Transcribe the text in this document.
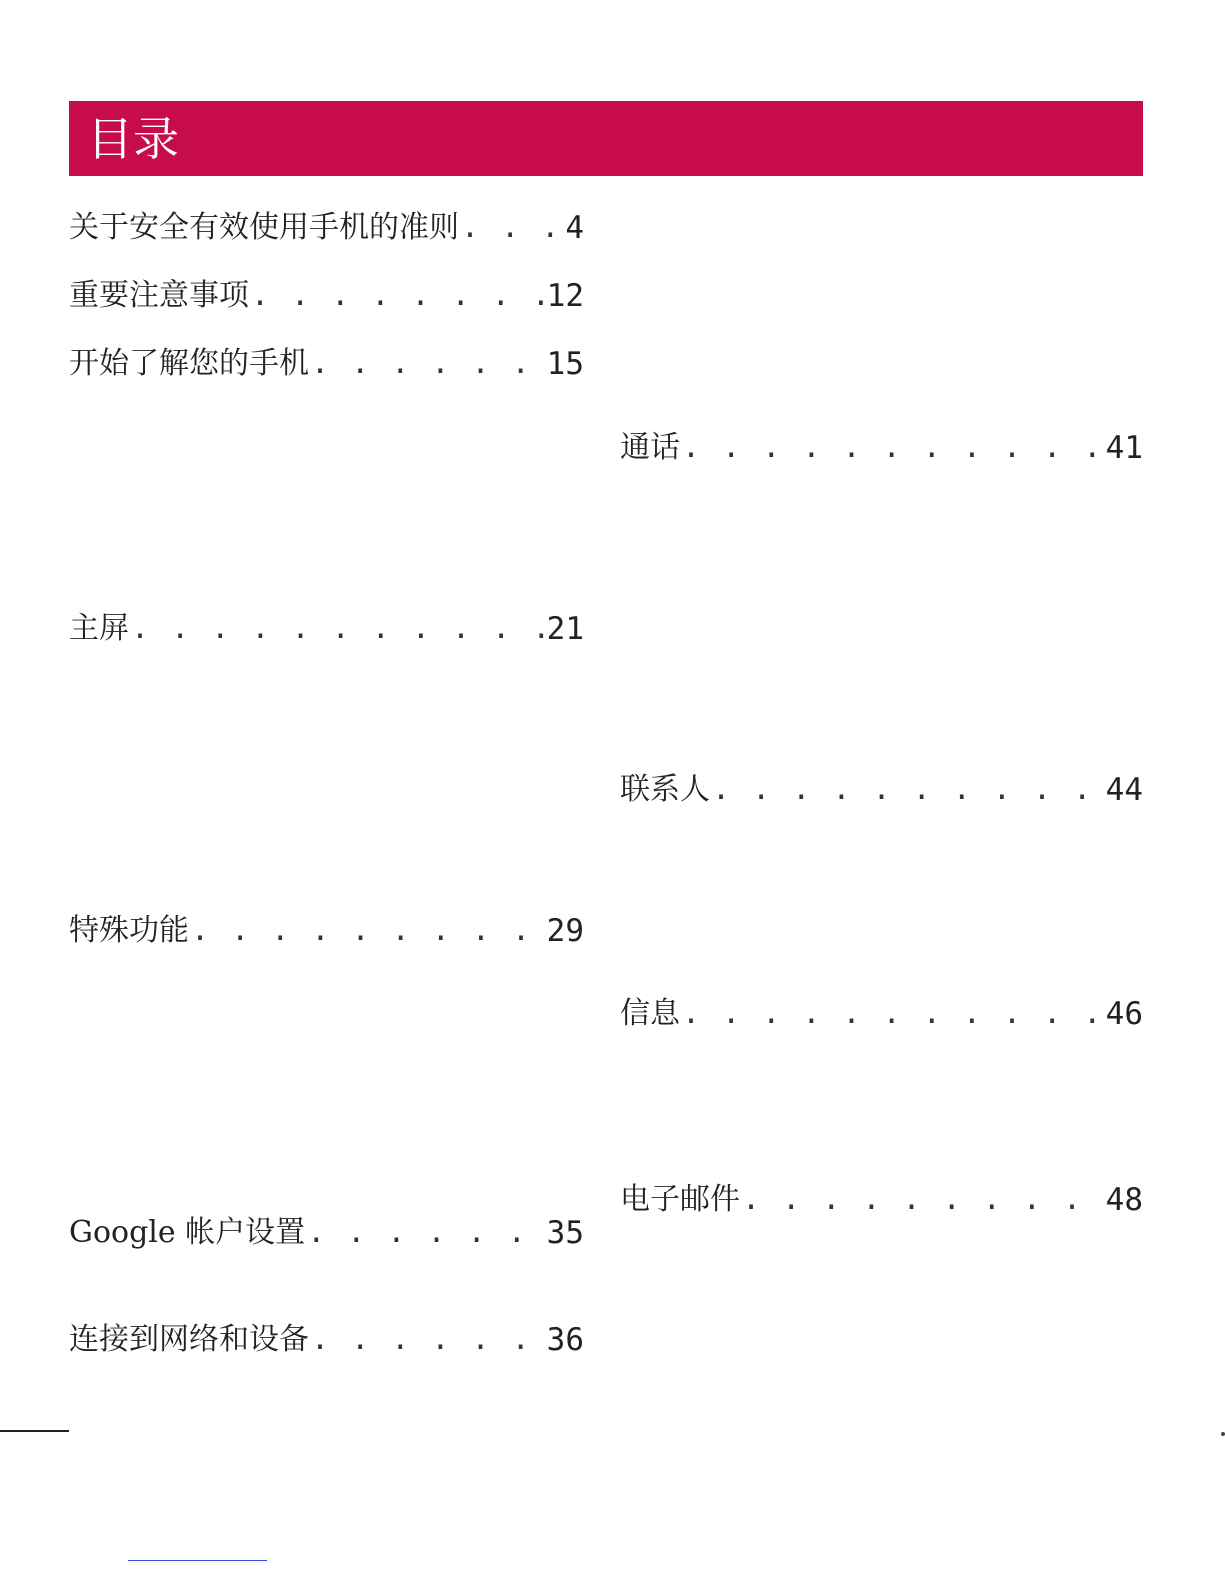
目录
关于安全有效使用手机的准则 . . .	4
重要注意事项 . . .	12
开始了解您的手机 . . .	15
主屏 . . .	21
特殊功能 . . .	29
Google 帐户设置 . . .	35
连接到网络和设备 . . .	36
通话 . . .	41
联系人 . . .	44
信息 . . .	46
电子邮件 . . .	48
